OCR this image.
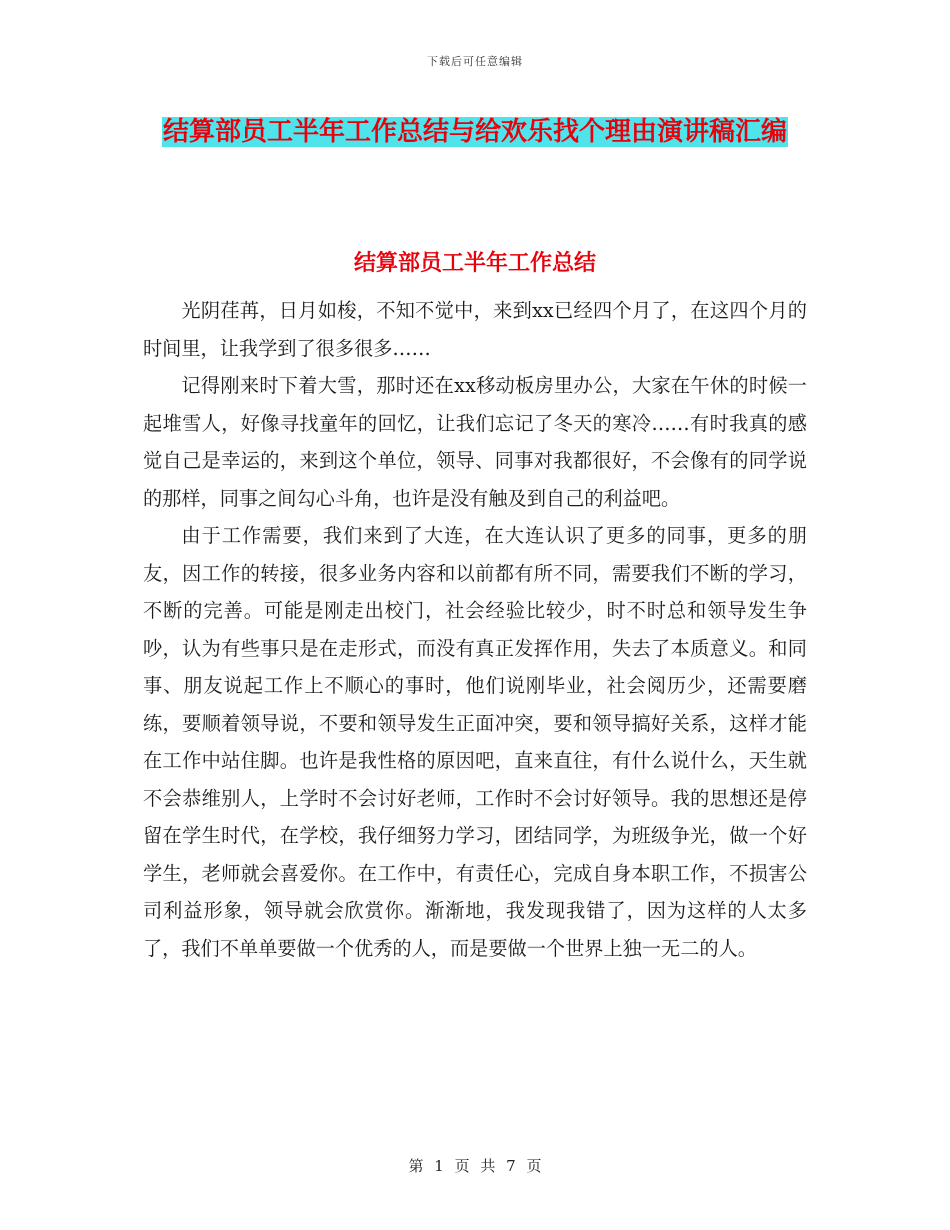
下载后可任意编辑
结算部员工半年工作总结与给欢乐找个理由演讲稿汇编
结算部员工半年工作总结

光阴荏苒，日月如梭，不知不觉中，来到xx已经四个月了，在这四个月的时间里，让我学到了很多很多……

记得刚来时下着大雪，那时还在xx移动板房里办公，大家在午休的时候一起堆雪人，好像寻找童年的回忆，让我们忘记了冬天的寒冷……有时我真的感觉自己是幸运的，来到这个单位，领导、同事对我都很好，不会像有的同学说的那样，同事之间勾心斗角，也许是没有触及到自己的利益吧。

由于工作需要，我们来到了大连，在大连认识了更多的同事，更多的朋友，因工作的转接，很多业务内容和以前都有所不同，需要我们不断的学习，不断的完善。可能是刚走出校门，社会经验比较少，时不时总和领导发生争吵，认为有些事只是在走形式，而没有真正发挥作用，失去了本质意义。和同事、朋友说起工作上不顺心的事时，他们说刚毕业，社会阅历少，还需要磨练，要顺着领导说，不要和领导发生正面冲突，要和领导搞好关系，这样才能在工作中站住脚。也许是我性格的原因吧，直来直往，有什么说什么，天生就不会恭维别人，上学时不会讨好老师，工作时不会讨好领导。我的思想还是停留在学生时代，在学校，我仔细努力学习，团结同学，为班级争光，做一个好学生，老师就会喜爱你。在工作中，有责任心，完成自身本职工作，不损害公司利益形象，领导就会欣赏你。渐渐地，我发现我错了，因为这样的人太多了，我们不单单要做一个优秀的人，而是要做一个世界上独一无二的人。

第 1 页 共 7 页
